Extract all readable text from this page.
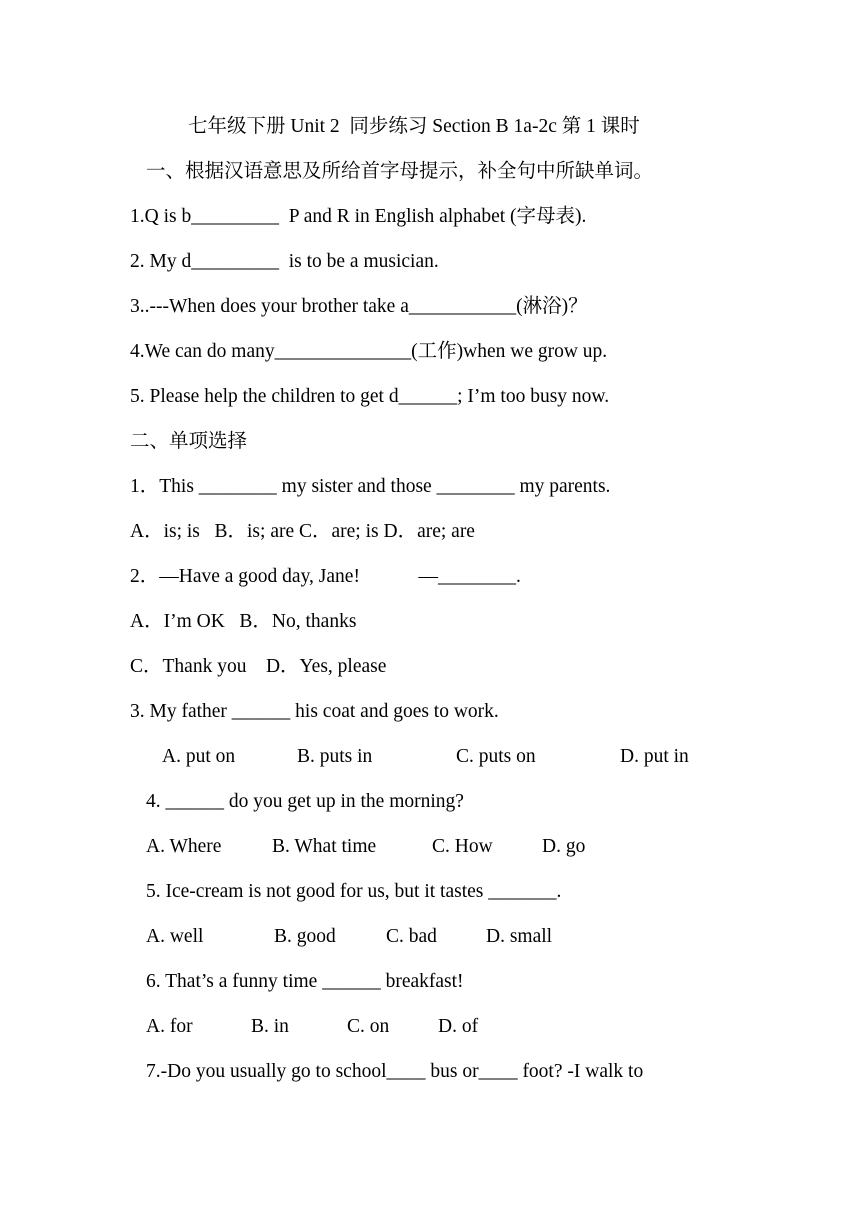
七年级下册 Unit 2  同步练习 Section B 1a-2c 第 1 课时
一、根据汉语意思及所给首字母提示，补全句中所缺单词。
1.Q is b_________  P and R in English alphabet (字母表).
2. My d_________  is to be a musician.
3..---When does your brother take a___________(淋浴)？
4.We can do many______________(工作)when we grow up.
5. Please help the children to get d______; I’m too busy now.
二、单项选择
1．This ________ my sister and those ________ my parents.
A．is; is   B．is; are C．are; is D．are; are
2．—Have a good day, Jane!            —________.
A．I’m OK   B．No, thanks
C．Thank you    D．Yes, please
3. My father ______ his coat and goes to work.
A. put on	B. puts in	C. puts on	D. put in
4. ______ do you get up in the morning?
A. Where	B. What time	C. How	D. go
5. Ice-cream is not good for us, but it tastes _______.
A. well	B. good	C. bad	D. small
6. That’s a funny time ______ breakfast!
A. for	B. in	C. on D. of
7.-Do you usually go to school____ bus or____ foot? -I walk to
